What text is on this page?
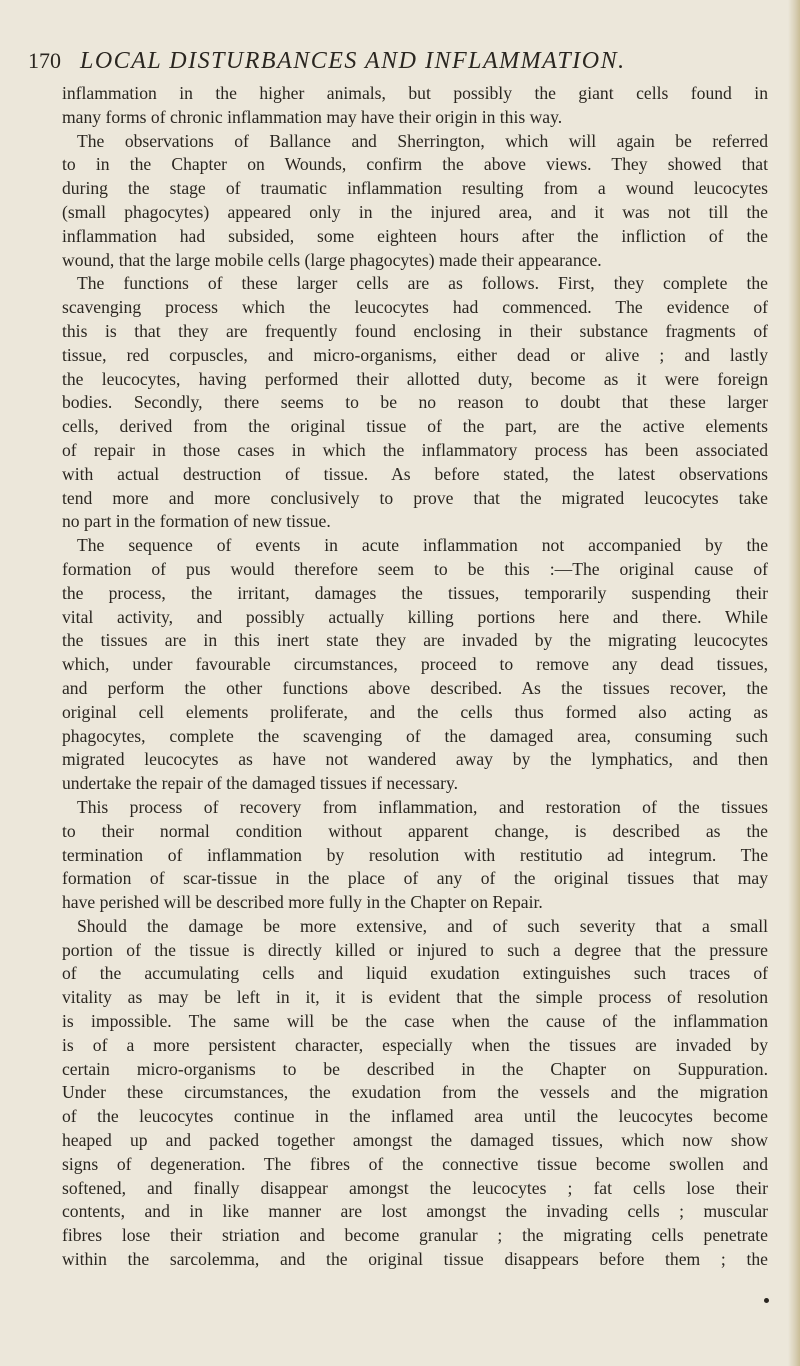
170 LOCAL DISTURBANCES AND INFLAMMATION.
inflammation in the higher animals, but possibly the giant cells found in
many forms of chronic inflammation may have their origin in this way.
The observations of Ballance and Sherrington, which will again be referred
to in the Chapter on Wounds, confirm the above views. They showed that
during the stage of traumatic inflammation resulting from a wound leucocytes
(small phagocytes) appeared only in the injured area, and it was not till the
inflammation had subsided, some eighteen hours after the infliction of the
wound, that the large mobile cells (large phagocytes) made their appearance.
The functions of these larger cells are as follows. First, they complete the
scavenging process which the leucocytes had commenced. The evidence of
this is that they are frequently found enclosing in their substance fragments of
tissue, red corpuscles, and micro-organisms, either dead or alive ; and lastly
the leucocytes, having performed their allotted duty, become as it were foreign
bodies. Secondly, there seems to be no reason to doubt that these larger
cells, derived from the original tissue of the part, are the active elements
of repair in those cases in which the inflammatory process has been associated
with actual destruction of tissue. As before stated, the latest observations
tend more and more conclusively to prove that the migrated leucocytes take
no part in the formation of new tissue.
The sequence of events in acute inflammation not accompanied by the
formation of pus would therefore seem to be this :—The original cause of
the process, the irritant, damages the tissues, temporarily suspending their
vital activity, and possibly actually killing portions here and there. While
the tissues are in this inert state they are invaded by the migrating leucocytes
which, under favourable circumstances, proceed to remove any dead tissues,
and perform the other functions above described. As the tissues recover, the
original cell elements proliferate, and the cells thus formed also acting as
phagocytes, complete the scavenging of the damaged area, consuming such
migrated leucocytes as have not wandered away by the lymphatics, and then
undertake the repair of the damaged tissues if necessary.
This process of recovery from inflammation, and restoration of the tissues
to their normal condition without apparent change, is described as the
termination of inflammation by resolution with restitutio ad integrum. The
formation of scar-tissue in the place of any of the original tissues that may
have perished will be described more fully in the Chapter on Repair.
Should the damage be more extensive, and of such severity that a small
portion of the tissue is directly killed or injured to such a degree that the pressure
of the accumulating cells and liquid exudation extinguishes such traces of
vitality as may be left in it, it is evident that the simple process of resolution
is impossible. The same will be the case when the cause of the inflammation
is of a more persistent character, especially when the tissues are invaded by
certain micro-organisms to be described in the Chapter on Suppuration.
Under these circumstances, the exudation from the vessels and the migration
of the leucocytes continue in the inflamed area until the leucocytes become
heaped up and packed together amongst the damaged tissues, which now show
signs of degeneration. The fibres of the connective tissue become swollen and
softened, and finally disappear amongst the leucocytes ; fat cells lose their
contents, and in like manner are lost amongst the invading cells ; muscular
fibres lose their striation and become granular ; the migrating cells penetrate
within the sarcolemma, and the original tissue disappears before them ; the
